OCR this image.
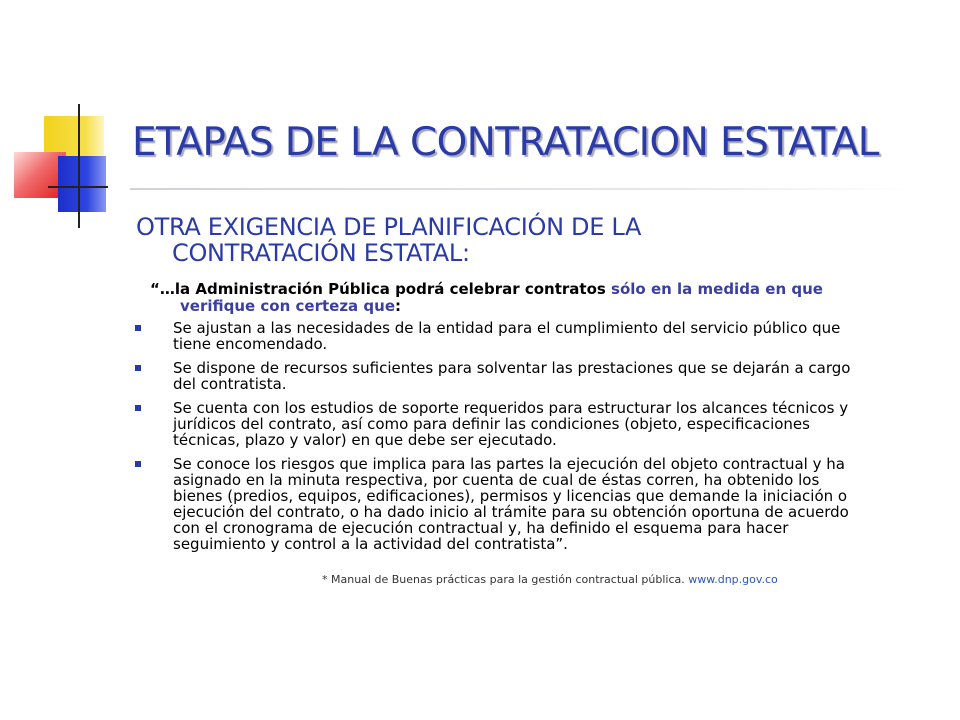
ETAPAS DE LA CONTRATACION ESTATAL
OTRA EXIGENCIA DE PLANIFICACIÓN DE LA
CONTRATACIÓN ESTATAL:
“…la Administración Pública podrá celebrar contratos sólo en la medida en que
verifique con certeza que:
Se ajustan a las necesidades de la entidad para el cumplimiento del servicio público que
tiene encomendado.
Se dispone de recursos suficientes para solventar las prestaciones que se dejarán a cargo
del contratista.
Se cuenta con los estudios de soporte requeridos para estructurar los alcances técnicos y
jurídicos del contrato, así como para definir las condiciones (objeto, especificaciones
técnicas, plazo y valor) en que debe ser ejecutado.
Se conoce los riesgos que implica para las partes la ejecución del objeto contractual y ha
asignado en la minuta respectiva, por cuenta de cual de éstas corren, ha obtenido los
bienes (predios, equipos, edificaciones), permisos y licencias que demande la iniciación o
ejecución del contrato, o ha dado inicio al trámite para su obtención oportuna de acuerdo
con el cronograma de ejecución contractual y, ha definido el esquema para hacer
seguimiento y control a la actividad del contratista”.
* Manual de Buenas prácticas para la gestión contractual pública. www.dnp.gov.co
